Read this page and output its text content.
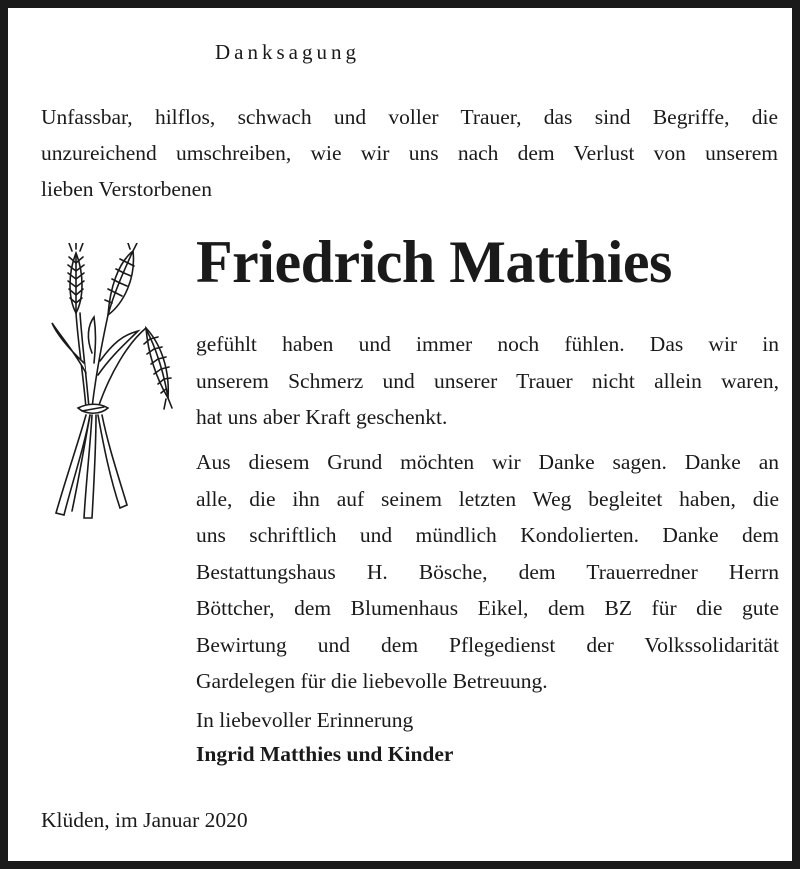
Danksagung
Unfassbar, hilflos, schwach und voller Trauer, das sind Begriffe, die
unzureichend umschreiben, wie wir uns nach dem Verlust von unserem
lieben Verstorbenen
Friedrich Matthies
gefühlt haben und immer noch fühlen. Das wir in
unserem Schmerz und unserer Trauer nicht allein waren,
hat uns aber Kraft geschenkt.
Aus diesem Grund möchten wir Danke sagen. Danke an
alle, die ihn auf seinem letzten Weg begleitet haben, die
uns schriftlich und mündlich Kondolierten. Danke dem
Bestattungshaus H. Bösche, dem Trauerredner Herrn
Böttcher, dem Blumenhaus Eikel, dem BZ für die gute
Bewirtung und dem Pflegedienst der Volkssolidarität
Gardelegen für die liebevolle Betreuung.
In liebevoller Erinnerung
Ingrid Matthies und Kinder
Klüden, im Januar 2020
